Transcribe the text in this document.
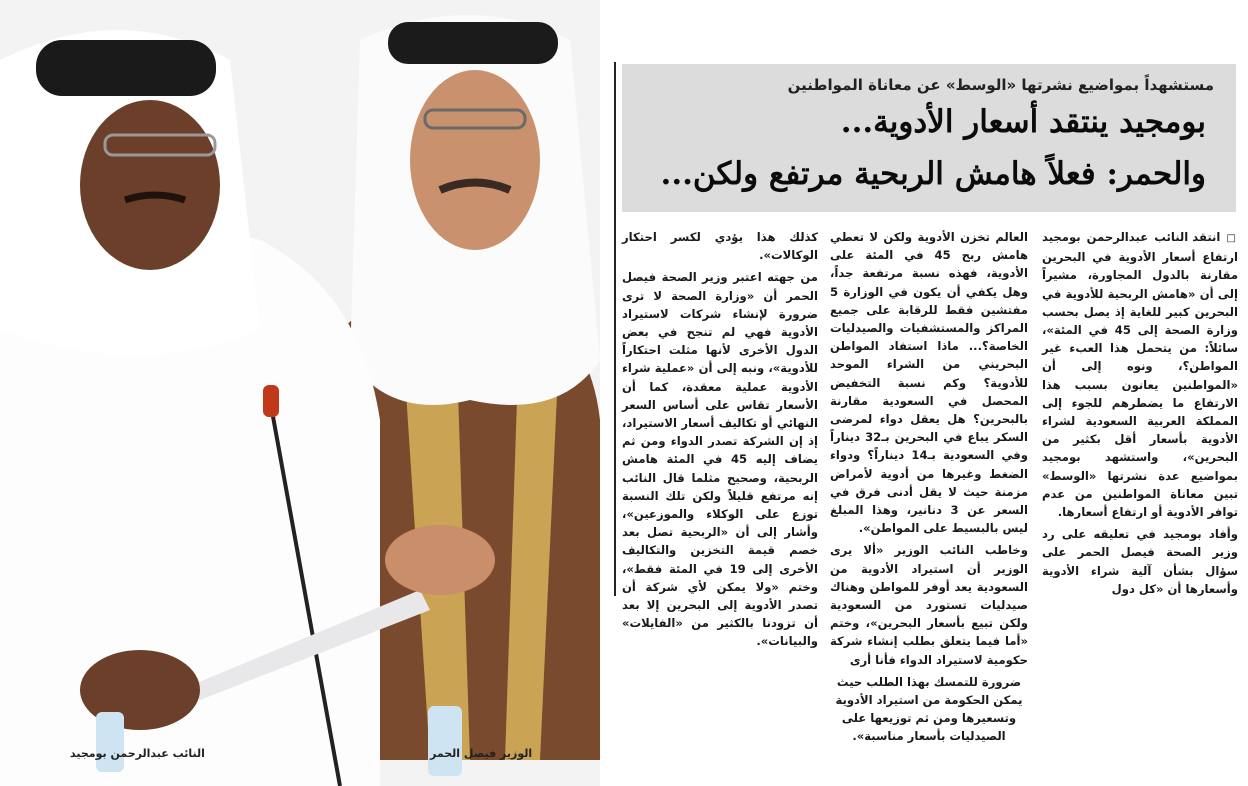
النائب عبدالرحمن بومجيد	الوزير فيصل الحمر
مستشهداً بمواضيع نشرتها «الوسط» عن معاناة المواطنين
بومجيد ينتقد أسعار الأدوية...
والحمر: فعلاً هامش الربحية مرتفع ولكن...

□ انتقد النائب عبدالرحمن بومجيد ارتفاع أسعار الأدوية في البحرين مقارنة بالدول المجاورة، مشيراً إلى أن «هامش الربحية للأدوية في البحرين كبير للغاية إذ يصل بحسب وزارة الصحة إلى 45 في المئة»، سائلاً: من يتحمل هذا العبء غير المواطن؟، ونوه إلى أن «المواطنين يعانون بسبب هذا الارتفاع ما يضطرهم للجوء إلى المملكة العربية السعودية لشراء الأدوية بأسعار أقل بكثير من البحرين»، واستشهد بومجيد بمواضيع عدة نشرتها «الوسط» تبين معاناة المواطنين من عدم توافر الأدوية أو ارتفاع أسعارها.

وأفاد بومجيد في تعليقه على رد وزير الصحة فيصل الحمر على سؤال بشأن آلية شراء الأدوية وأسعارها أن «كل دول

العالم تخزن الأدوية ولكن لا تعطي هامش ربح 45 في المئة على الأدوية، فهذه نسبة مرتفعة جداً، وهل يكفي أن يكون في الوزارة 5 مفتشين فقط للرقابة على جميع المراكز والمستشفيات والصيدليات الخاصة؟... ماذا استفاد المواطن البحريني من الشراء الموحد للأدوية؟ وكم نسبة التخفيض المحصل في السعودية مقارنة بالبحرين؟ هل يعقل دواء لمرضى السكر يباع في البحرين بـ32 ديناراً وفي السعودية بـ14 ديناراً؟ ودواء الضغط وغيرها من أدوية لأمراض مزمنة حيث لا يقل أدنى فرق في السعر عن 3 دنانير، وهذا المبلغ ليس بالبسيط على المواطن».

وخاطب النائب الوزير «ألا يرى الوزير أن استيراد الأدوية من السعودية يعد أوفر للمواطن وهناك صيدليات تستورد من السعودية ولكن تبيع بأسعار البحرين»، وختم «أما فيما يتعلق بطلب إنشاء شركة حكومية لاستيراد الدواء فأنا أرى

ضرورة للتمسك بهذا الطلب حيث يمكن الحكومة من استيراد الأدوية وتسعيرها ومن ثم توزيعها على الصيدليات بأسعار مناسبة».

كذلك هذا يؤدي لكسر احتكار الوكالات».

من جهته اعتبر وزير الصحة فيصل الحمر أن «وزارة الصحة لا ترى ضرورة لإنشاء شركات لاستيراد الأدوية فهي لم تنجح في بعض الدول الأخرى لأنها مثلت احتكاراً للأدوية»، ونبه إلى أن «عملية شراء الأدوية عملية معقدة، كما أن الأسعار تقاس على أساس السعر النهائي أو تكاليف أسعار الاستيراد، إذ إن الشركة تصدر الدواء ومن ثم يضاف إليه 45 في المئة هامش الربحية، وصحيح مثلما قال النائب إنه مرتفع قليلاً ولكن تلك النسبة توزع على الوكلاء والموزعين»، وأشار إلى أن «الربحية تصل بعد خصم قيمة التخزين والتكاليف الأخرى إلى 19 في المئة فقط»، وختم «ولا يمكن لأي شركة أن تصدر الأدوية إلى البحرين إلا بعد أن تزودنا بالكثير من «الفايلات» والبيانات».
